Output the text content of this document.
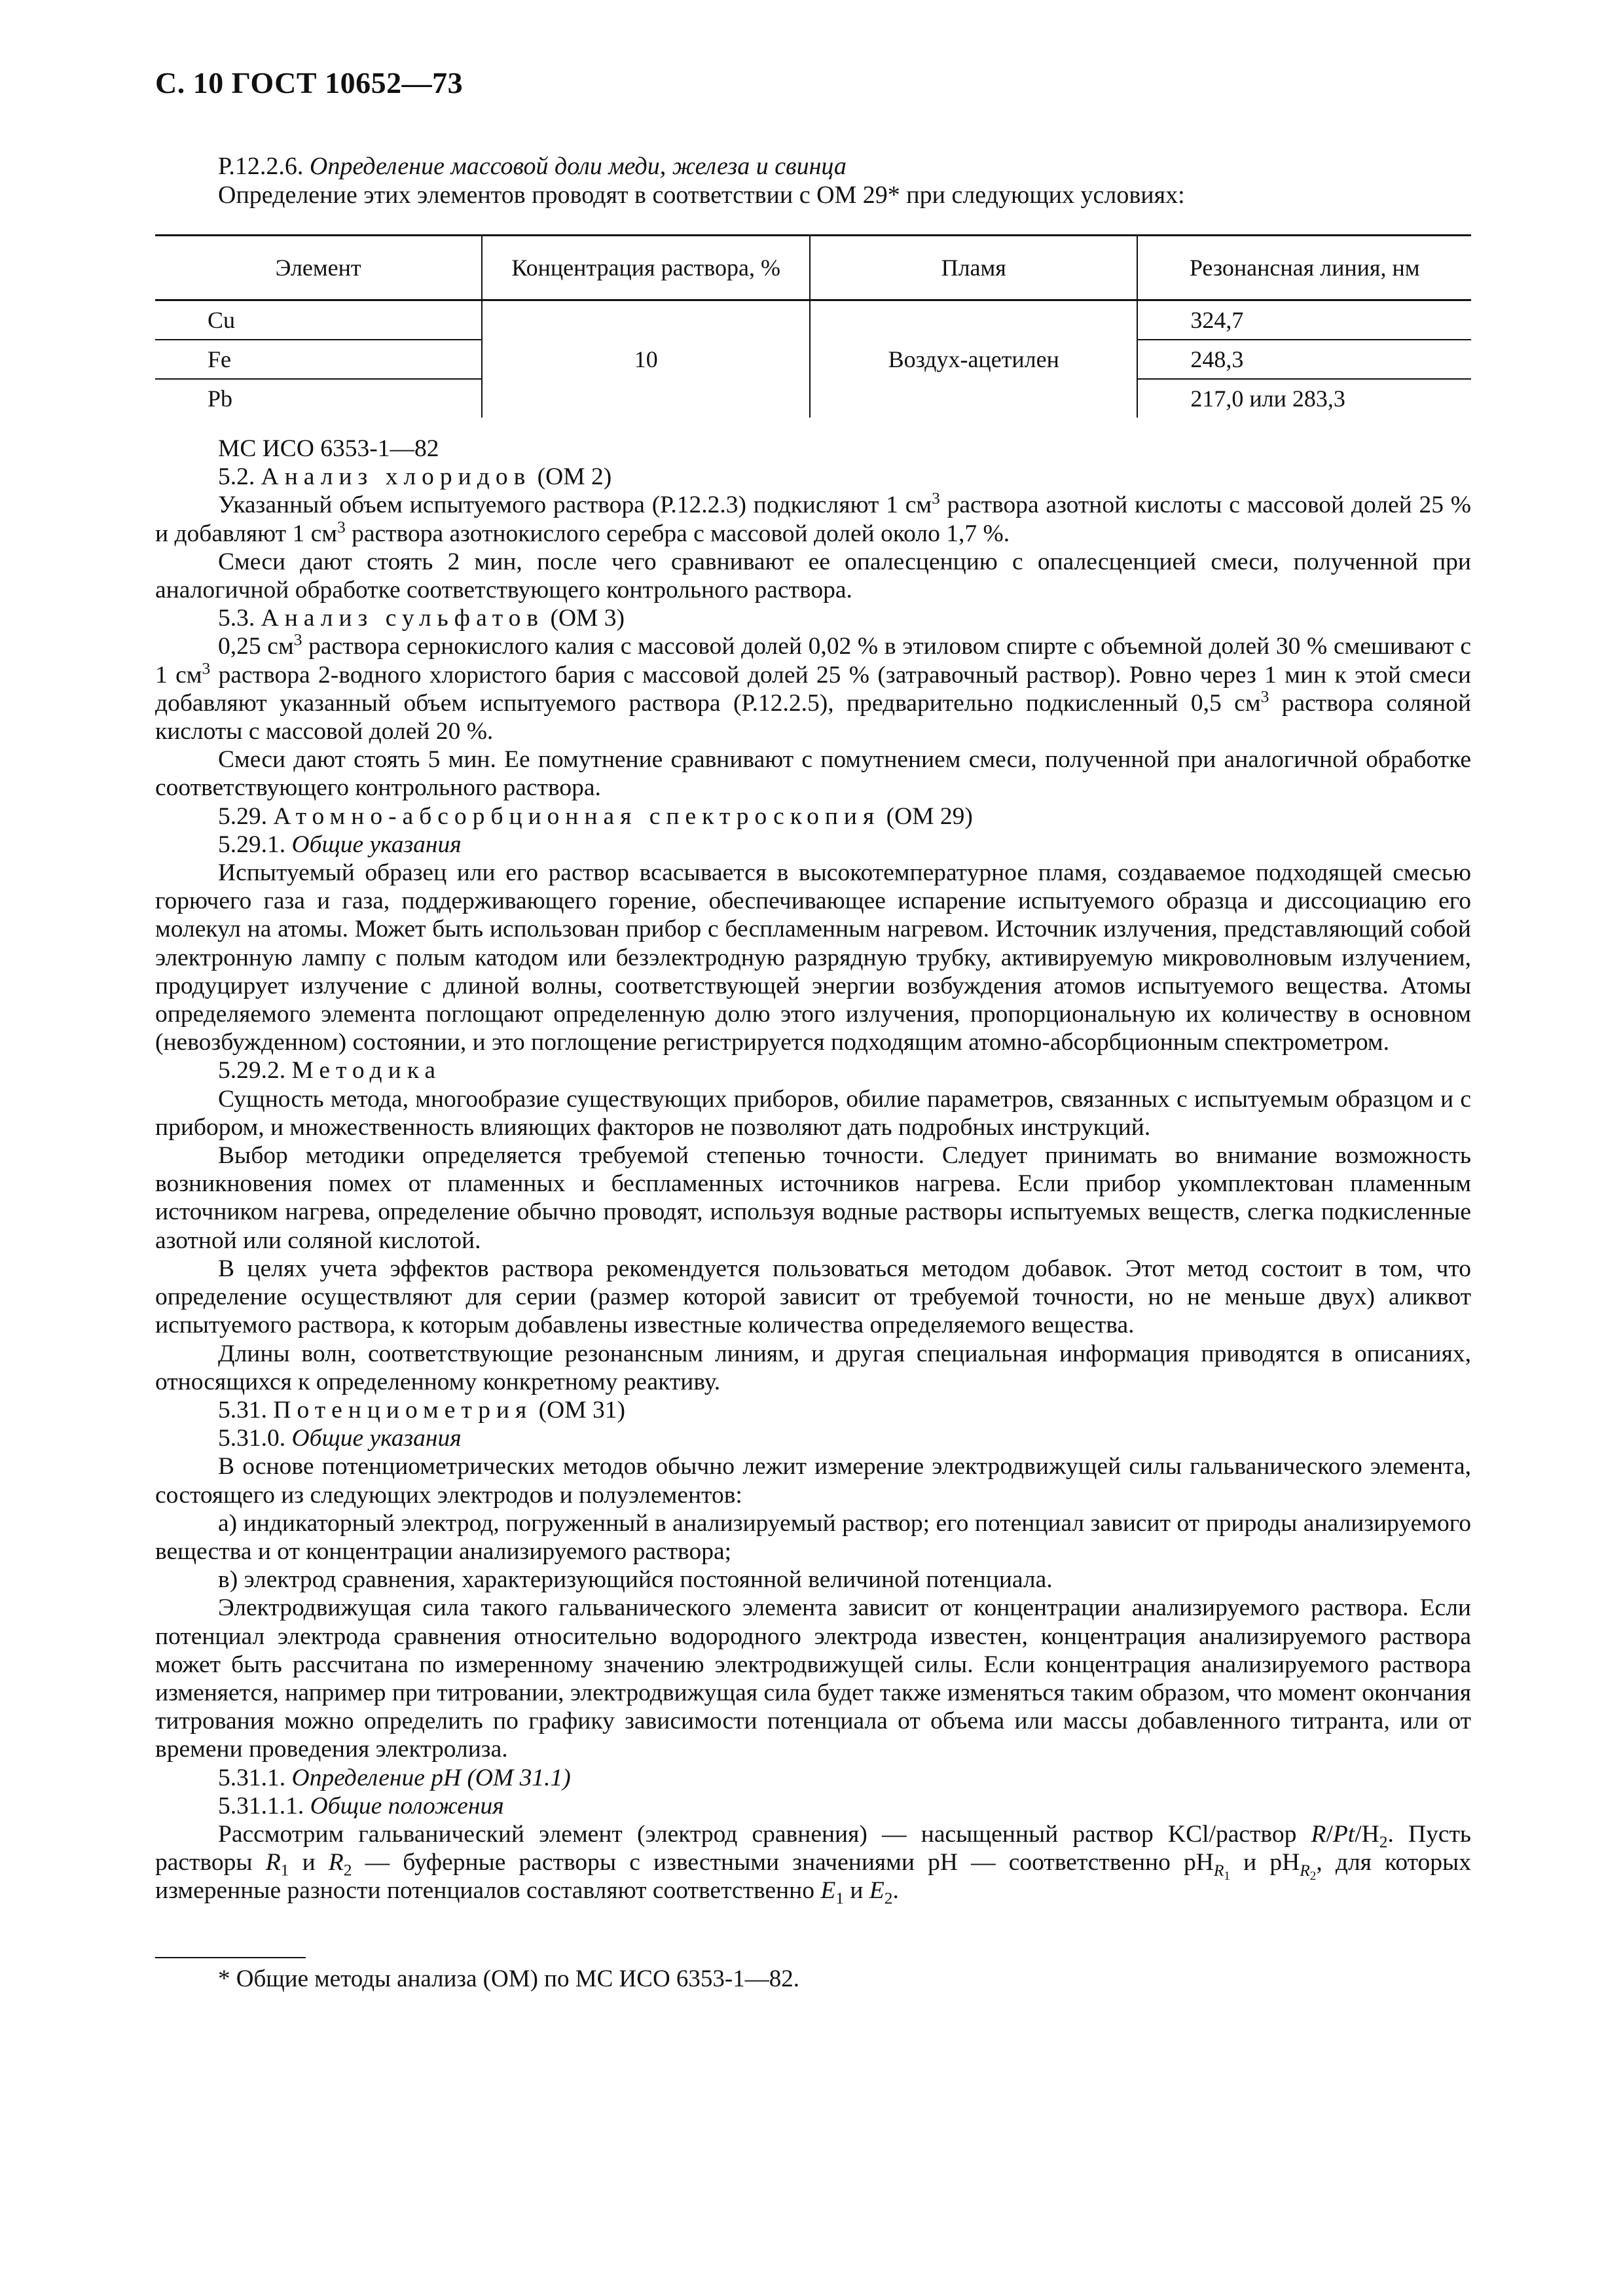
С. 10 ГОСТ 10652—73
Р.12.2.6. Определение массовой доли меди, железа и свинца
Определение этих элементов проводят в соответствии с ОМ 29* при следующих условиях:
Элемент	Концентрация раствора, %	Пламя	Резонансная линия, нм
Cu	10	Воздух-ацетилен	324,7
Fe			248,3
Pb			217,0 или 283,3

МС ИСО 6353-1—82

5.2. Анализ хлоридов (ОМ 2)

Указанный объем испытуемого раствора (Р.12.2.3) подкисляют 1 $см^3$ раствора азотной кислоты с массовой долей 25 % и добавляют 1 $см^3$ раствора азотнокислого серебра с массовой долей около 1,7 %.

Смеси дают стоять 2 мин, после чего сравнивают ее опалесценцию с опалесценцией смеси, полученной при аналогичной обработке соответствующего контрольного раствора.

5.3. Анализ сульфатов (ОМ 3)

0,25 $см^3$ раствора сернокислого калия с массовой долей 0,02 % в этиловом спирте с объемной долей 30 % смешивают с 1 $см^3$ раствора 2-водного хлористого бария с массовой долей 25 % (затравочный раствор). Ровно через 1 мин к этой смеси добавляют указанный объем испытуемого раствора (Р.12.2.5), предварительно подкисленный 0,5 $см^3$ раствора соляной кислоты с массовой долей 20 %.

Смеси дают стоять 5 мин. Ее помутнение сравнивают с помутнением смеси, полученной при аналогичной обработке соответствующего контрольного раствора.

5.29. Атомно-абсорбционная спектроскопия (ОМ 29)

5.29.1. Общие указания

Испытуемый образец или его раствор всасывается в высокотемпературное пламя, создаваемое подходящей смесью горючего газа и газа, поддерживающего горение, обеспечивающее испарение испытуемого образца и диссоциацию его молекул на атомы. Может быть использован прибор с беспламенным нагревом. Источник излучения, представляющий собой электронную лампу с полым катодом или безэлектродную разрядную трубку, активируемую микроволновым излучением, продуцирует излучение с длиной волны, соответствующей энергии возбуждения атомов испытуемого вещества. Атомы определяемого элемента поглощают определенную долю этого излучения, пропорциональную их количеству в основном (невозбужденном) состоянии, и это поглощение регистрируется подходящим атомно-абсорбционным спектрометром.

5.29.2. Методика

Сущность метода, многообразие существующих приборов, обилие параметров, связанных с испытуемым образцом и с прибором, и множественность влияющих факторов не позволяют дать подробных инструкций.

Выбор методики определяется требуемой степенью точности. Следует принимать во внимание возможность возникновения помех от пламенных и беспламенных источников нагрева. Если прибор укомплектован пламенным источником нагрева, определение обычно проводят, используя водные растворы испытуемых веществ, слегка подкисленные азотной или соляной кислотой.

В целях учета эффектов раствора рекомендуется пользоваться методом добавок. Этот метод состоит в том, что определение осуществляют для серии (размер которой зависит от требуемой точности, но не меньше двух) аликвот испытуемого раствора, к которым добавлены известные количества определяемого вещества.

Длины волн, соответствующие резонансным линиям, и другая специальная информация приводятся в описаниях, относящихся к определенному конкретному реактиву.

5.31. Потенциометрия (ОМ 31)

5.31.0. Общие указания

В основе потенциометрических методов обычно лежит измерение электродвижущей силы гальванического элемента, состоящего из следующих электродов и полуэлементов:

а) индикаторный электрод, погруженный в анализируемый раствор; его потенциал зависит от природы анализируемого вещества и от концентрации анализируемого раствора;

в) электрод сравнения, характеризующийся постоянной величиной потенциала.

Электродвижущая сила такого гальванического элемента зависит от концентрации анализируемого раствора. Если потенциал электрода сравнения относительно водородного электрода известен, концентрация анализируемого раствора может быть рассчитана по измеренному значению электродвижущей силы. Если концентрация анализируемого раствора изменяется, например при титровании, электродвижущая сила будет также изменяться таким образом, что момент окончания титрования можно определить по графику зависимости потенциала от объема или массы добавленного титранта, или от времени проведения электролиза.

5.31.1. Определение pH (ОМ 31.1)

5.31.1.1. Общие положения

Рассмотрим гальванический элемент (электрод сравнения) — насыщенный раствор KCl/раствор $R/Pt/H_2$. Пусть растворы $R_1$ и $R_2$ — буферные растворы с известными значениями pH — соответственно $pH_{R_1}$ и $pH_{R_2}$, для которых измеренные разности потенциалов составляют соответственно $E_1$ и $E_2$.

* Общие методы анализа (ОМ) по МС ИСО 6353-1—82.
